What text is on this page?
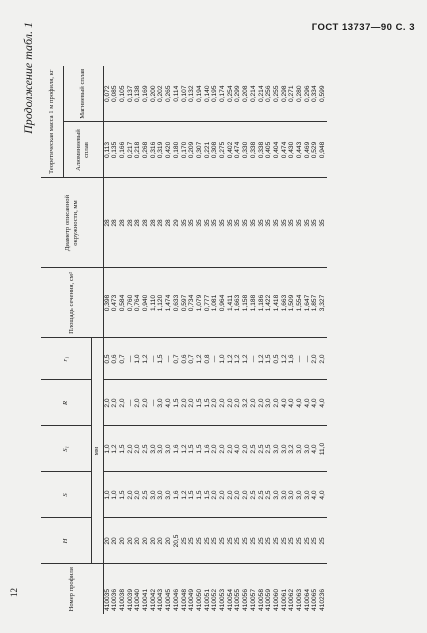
ГОСТ 13737—90 С. 3
Продолжение табл. 1
Номер профиля	H	S	S₁	R	r₁	Площадь сечения, см²	Диаметр описанной окружности, мм	Теоретическая масса 1 м профиля, кг	
								Алюминиевый сплав	Магниевый сплав
	мм								
410035	20	1,0	1,0	2,0	0,5	0,398	28	0,113	0,072
410036	20	1,0	1,2	2,0	0,6	0,473	28	0,135	0,085
410038	20	1,5	1,5	2,0	0,7	0,584	28	0,166	0,105
410039	20	2,0	2,0	—	—	0,760	28	0,217	0,137
410040	20	2,0	2,0	2,0	1,0	0,764	28	0,218	0,138
410041	20	2,5	2,5	2,0	1,2	0,940	28	0,268	0,169
410042	20	3,0	3,0	—	—	1,110	28	0,316	0,200
410043	20	3,0	3,0	3,0	1,5	1,120	28	0,319	0,202
410045	20	3,0	3,0	4,0	—	1,474	28	0,420	0,265
410046	20,5	1,6	1,6	1,5	0,7	0,633	29	0,180	0,114
410048	25	1,2	1,2	2,0	0,6	0,597	35	0,170	0,107
410049	25	1,5	1,5	2,0	0,7	0,734	35	0,209	0,132
410050	25	1,5	1,5	1,5	1,2	1,079	35	0,307	0,194
410051	25	1,5	1,6	1,5	0,8	0,777	35	0,221	0,140
410052	25	2,0	2,0	2,0	—	1,081	35	0,308	0,195
410053	25	2,0	2,0	2,0	1,0	0,964	35	0,275	0,174
410054	25	2,0	2,0	2,0	1,2	1,411	35	0,402	0,254
410055	25	2,0	4,0	2,0	1,2	1,663	35	0,474	0,299
410056	25	2,0	2,0	3,2	1,2	1,158	35	0,330	0,208
410057	25	2,5	2,5	2,0	—	1,188	35	0,338	0,214
410058	25	2,5	2,5	2,0	1,2	1,186	35	0,338	0,214
410059	25	2,5	2,5	3,0	1,5	1,422	35	0,405	0,256
410060	25	3,0	3,0	2,0	0,5	1,418	35	0,404	0,255
410061	25	3,0	3,0	4,0	1,2	1,663	35	0,474	0,298
410062	25	3,0	3,2	4,0	1,6	1,509	35	0,430	0,271
410063	25	3,0	3,0	4,0	—	1,554	35	0,443	0,280
410064	25	3,0	3,0	4,0	—	1,647	35	0,469	0,296
410065	25	4,0	4,0	4,0	2,0	1,857	35	0,529	0,334
410236	25	4,0	11,0	4,0	2,0	3,327	35	0,948	0,599
12
